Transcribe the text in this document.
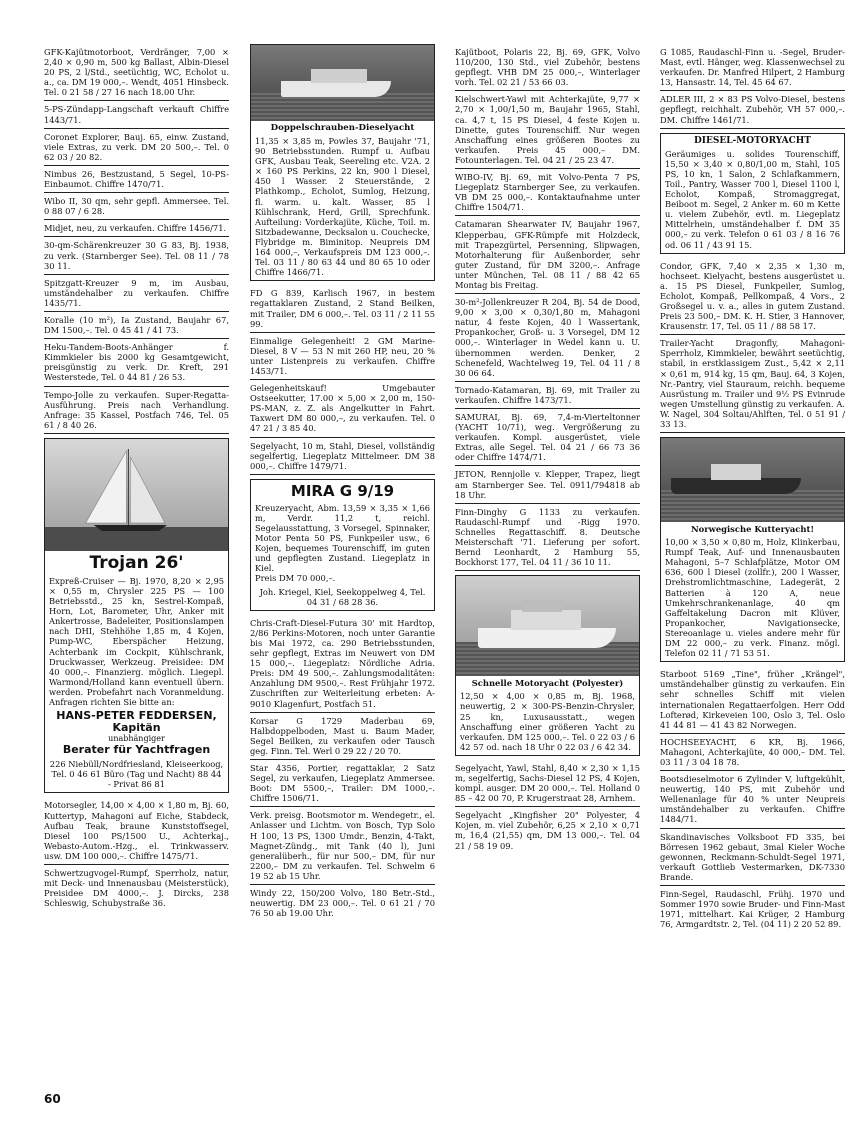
GFK-Kajütmotorboot, Verdränger, 7,00 × 2,40 × 0,90 m, 500 kg Ballast, Albin-Diesel 20 PS, 2 l/Std., seetüchtig, WC, Echolot u. a., ca. DM 19 000,–. Wendt, 4051 Hinsbeck. Tel. 0 21 58 / 27 16 nach 18.00 Uhr.

5-PS-Zündapp-Langschaft verkauft Chiffre 1443/71.

Coronet Explorer, Bauj. 65, einw. Zustand, viele Extras, zu verk. DM 20 500,–. Tel. 0 62 03 / 20 82.

Nimbus 26, Bestzustand, 5 Segel, 10-PS-Einbaumot. Chiffre 1470/71.

Wibo II, 30 qm, sehr gepfl. Ammersee. Tel. 0 88 07 / 6 28.

Midjet, neu, zu verkaufen. Chiffre 1456/71.

30-qm-Schärenkreuzer 30 G 83, Bj. 1938, zu verk. (Starnberger See). Tel. 08 11 / 78 30 11.

Spitzgatt-Kreuzer 9 m, im Ausbau, umständehalber zu verkaufen. Chiffre 1435/71.

Koralle (10 m²), Ia Zustand, Baujahr 67, DM 1500,–. Tel. 0 45 41 / 41 73.

Heku-Tandem-Boots-Anhänger f. Kimmkieler bis 2000 kg Gesamtgewicht, preisgünstig zu verk. Dr. Kreft, 291 Westerstede, Tel. 0 44 81 / 26 53.

Tempo-Jolle zu verkaufen. Super-Regatta-Ausführung. Preis nach Verhandlung. Anfrage: 35 Kassel, Postfach 746, Tel. 05 61 / 8 40 26.

Trojan 26'

Expreß-Cruiser — Bj. 1970, 8,20 × 2,95 × 0,55 m, Chrysler 225 PS — 100 Betriebsstd., 25 kn, Sestrel-Kompaß, Horn, Lot, Barometer, Uhr, Anker mit Ankertrosse, Badeleiter, Positionslampen nach DHI, Stehhöhe 1,85 m, 4 Kojen, Pump-WC, Eberspächer Heizung, Achterbank im Cockpit, Kühlschrank, Druckwasser, Werkzeug. Preisidee: DM 40 000,–. Finanzierg. möglich. Liegepl. Warmond/Holland kann eventuell übern. werden. Probefahrt nach Voranmeldung. Anfragen richten Sie bitte an:

HANS-PETER FEDDERSEN, Kapitän
unabhängiger
Berater für Yachtfragen

226 Niebüll/Nordfriesland, Kleiseerkoog, Tel. 0 46 61 Büro (Tag und Nacht) 88 44 - Privat 86 81

Motorsegler, 14,00 × 4,00 × 1,80 m, Bj. 60, Kuttertyp, Mahagoni auf Eiche, Stabdeck, Aufbau Teak, braune Kunststoffsegel, Diesel 100 PS/1500 U., Achterkaj., Webasto-Autom.-Hzg., el. Trinkwasserv. usw. DM 100 000,–. Chiffre 1475/71.

Schwertzugvogel-Rumpf, Sperrholz, natur, mit Deck- und Innenausbau (Meisterstück), Preisidee DM 4000,–. J. Dircks, 238 Schleswig, Schubystraße 36.

Doppelschrauben-Dieselyacht

11,35 × 3,85 m, Powles 37, Baujahr '71, 90 Betriebsstunden. Rumpf u. Aufbau GFK, Ausbau Teak, Seereling etc. V2A. 2 × 160 PS Perkins, 22 kn, 900 l Diesel, 450 l Wasser. 2 Steuerstände, 2 Plathkomp., Echolot, Sumlog, Heizung, fl. warm. u. kalt. Wasser, 85 l Kühlschrank, Herd, Grill, Sprechfunk. Aufteilung: Vorderkajüte, Küche, Toil. m. Sitzbadewanne, Decksalon u. Couchecke, Flybridge m. Biminitop. Neupreis DM 164 000,–, Verkaufspreis DM 123 000,–. Tel. 03 11 / 80 63 44 und 80 65 10 oder Chiffre 1466/71.

FD G 839, Karlisch 1967, in bestem regattaklaren Zustand, 2 Stand Beilken, mit Trailer, DM 6 000,–. Tel. 03 11 / 2 11 55 99.

Einmalige Gelegenheit! 2 GM Marine-Diesel, 8 V — 53 N mit 260 HP, neu, 20 % unter Listenpreis zu verkaufen. Chiffre 1453/71.

Gelegenheitskauf! Umgebauter Ostseekutter, 17.00 × 5,00 × 2,00 m, 150-PS-MAN, z. Z. als Angelkutter in Fahrt. Taxwert DM 80 000,–, zu verkaufen. Tel. 0 47 21 / 3 85 40.

Segelyacht, 10 m, Stahl, Diesel, vollständig segelfertig, Liegeplatz Mittelmeer. DM 38 000,–. Chiffre 1479/71.

MIRA G 9/19

Kreuzeryacht, Abm. 13,59 × 3,35 × 1,66 m, Verdr. 11,2 t, reichl. Segelausstattung, 3 Vorsegel, Spinnaker, Motor Penta 50 PS, Funkpeiler usw., 6 Kojen, bequemes Tourenschiff, im guten und gepflegten Zustand. Liegeplatz in Kiel.
Preis DM 70 000,–.

Joh. Kriegel, Kiel, Seekoppelweg 4, Tel. 04 31 / 68 28 36.

Chris-Craft-Diesel-Futura 30' mit Hardtop, 2/86 Perkins-Motoren, noch unter Garantie bis Mai 1972, ca. 290 Betriebsstunden, sehr gepflegt, Extras im Neuwert von DM 15 000,–. Liegeplatz: Nördliche Adria. Preis: DM 49 500,–. Zahlungsmodalitäten: Anzahlung DM 9500,–. Rest Frühjahr 1972. Zuschriften zur Weiterleitung erbeten: A-9010 Klagenfurt, Postfach 51.

Korsar G 1729 Maderbau 69, Halbdoppelboden, Mast u. Baum Mader, Segel Beilken, zu verkaufen oder Tausch geg. Finn. Tel. Werl 0 29 22 / 20 70.

Star 4356, Portier, regattaklar, 2 Satz Segel, zu verkaufen, Liegeplatz Ammersee. Boot: DM 5500,–, Trailer: DM 1000,–. Chiffre 1506/71.

Verk. preisg. Bootsmotor m. Wendegetr., el. Anlasser und Lichtm. von Bosch, Typ Solo H 100, 13 PS, 1300 Umdr., Benzin, 4-Takt, Magnet-Zündg., mit Tank (40 l), Juni generalüberh., für nur 500,– DM, für nur 2200,– DM zu verkaufen. Tel. Schwelm 6 19 52 ab 15 Uhr.

Windy 22, 150/200 Volvo, 180 Betr.-Std., neuwertig. DM 23 000,–. Tel. 0 61 21 / 70 76 50 ab 19.00 Uhr.

Kajütboot, Polaris 22, Bj. 69, GFK, Volvo 110/200, 130 Std., viel Zubehör, bestens gepflegt. VHB DM 25 000,–, Winterlager vorh. Tel. 02 21 / 53 66 03.

Kielschwert-Yawl mit Achterkajüte, 9,77 × 2,70 × 1,00/1,50 m, Baujahr 1965, Stahl, ca. 4,7 t, 15 PS Diesel, 4 feste Kojen u. Dinette, gutes Tourenschiff. Nur wegen Anschaffung eines größeren Bootes zu verkaufen. Preis 45 000,– DM. Fotounterlagen. Tel. 04 21 / 25 23 47.

WIBO-IV, Bj. 69, mit Volvo-Penta 7 PS, Liegeplatz Starnberger See, zu verkaufen. VB DM 25 000,–. Kontaktaufnahme unter Chiffre 1504/71.

Catamaran Shearwater IV, Baujahr 1967, Klepperbau, GFK-Rümpfe mit Holzdeck, mit Trapezgürtel, Persenning, Slipwagen, Motorhalterung für Außenborder, sehr guter Zustand, für DM 3200,–. Anfrage unter München, Tel. 08 11 / 88 42 65 Montag bis Freitag.

30-m²-Jollenkreuzer R 204, Bj. 54 de Dood, 9,00 × 3,00 × 0,30/1,80 m, Mahagoni natur, 4 feste Kojen, 40 l Wassertank, Propankocher, Groß- u. 3 Vorsegel, DM 12 000,–. Winterlager in Wedel kann u. U. übernommen werden. Denker, 2 Schenefeld, Wachtelweg 19, Tel. 04 11 / 8 30 06 64.

Tornado-Katamaran, Bj. 69, mit Trailer zu verkaufen. Chiffre 1473/71.

SAMURAI, Bj. 69, 7,4-m-Vierteltonner (YACHT 10/71), weg. Vergrößerung zu verkaufen. Kompl. ausgerüstet, viele Extras, alle Segel. Tel. 04 21 / 66 73 36 oder Chiffre 1474/71.

JETON, Rennjolle v. Klepper, Trapez, liegt am Starnberger See. Tel. 0911/794818 ab 18 Uhr.

Finn-Dinghy G 1133 zu verkaufen. Raudaschl-Rumpf und -Rigg 1970. Schnelles Regattaschiff. 8. Deutsche Meisterschaft '71. Lieferung per sofort. Bernd Leonhardt, 2 Hamburg 55, Bockhorst 177, Tel. 04 11 / 36 10 11.

Schnelle Motoryacht (Polyester)

12,50 × 4,00 × 0,85 m, Bj. 1968, neuwertig, 2 × 300-PS-Benzin-Chrysler, 25 kn, Luxusausstatt., wegen Anschaffung einer größeren Yacht zu verkaufen. DM 125 000,–. Tel. 0 22 03 / 6 42 57 od. nach 18 Uhr 0 22 03 / 6 42 34.

Segelyacht, Yawl, Stahl, 8,40 × 2,30 × 1,15 m, segelfertig, Sachs-Diesel 12 PS, 4 Kojen, kompl. ausger. DM 20 000,–. Tel. Holland 0 85 – 42 00 70, P. Krugerstraat 28, Arnhem.

Segelyacht „Kingfisher 20" Polyester, 4 Kojen, m. viel Zubehör, 6,25 × 2,10 × 0,71 m, 16,4 (21,55) qm, DM 13 000,–. Tel. 04 21 / 58 19 09.

G 1085, Raudaschl-Finn u. -Segel, Bruder-Mast, evtl. Hänger, weg. Klassenwechsel zu verkaufen. Dr. Manfred Hilpert, 2 Hamburg 13, Hansastr. 14, Tel. 45 64 67.

ADLER III, 2 × 83 PS Volvo-Diesel, bestens gepflegt, reichhalt. Zubehör, VH 57 000,–. DM. Chiffre 1461/71.

DIESEL-MOTORYACHT

Geräumiges u. solides Tourenschiff, 15,50 × 3,40 × 0,80/1,00 m, Stahl, 105 PS, 10 kn, 1 Salon, 2 Schlafkammern, Toil., Pantry, Wasser 700 l, Diesel 1100 l, Echolot, Kompaß, Stromaggregat, Beiboot m. Segel, 2 Anker m. 60 m Kette u. vielem Zubehör, evtl. m. Liegeplatz Mittelrhein, umständehalber f. DM 35 000,– zu verk. Telefon 0 61 03 / 8 16 76 od. 06 11 / 43 91 15.

Condor, GFK, 7,40 × 2,35 × 1,30 m, hochseet. Kielyacht, bestens ausgerüstet u. a. 15 PS Diesel, Funkpeiler, Sumlog, Echolot, Kompaß, Pellkompaß, 4 Vors., 2 Großsegel u. v. a., alles in gutem Zustand. Preis 23 500,– DM. K. H. Stier, 3 Hannover, Krausenstr. 17, Tel. 05 11 / 88 58 17.

Trailer-Yacht Dragonfly, Mahagoni-Sperrholz, Kimmkieler, bewährt seetüchtig, stabil, in erstklassigem Zust., 5,42 × 2,11 × 0,61 m, 914 kg, 15 qm, Bauj. 64, 3 Kojen, Nr.-Pantry, viel Stauraum, reichh. bequeme Ausrüstung m. Trailer und 9½ PS Evinrude wegen Umstellung günstig zu verkaufen. A. W. Nagel, 304 Soltau/Ahlften, Tel. 0 51 91 / 33 13.

Norwegische Kutteryacht!

10,00 × 3,50 × 0,80 m, Holz, Klinkerbau, Rumpf Teak, Auf- und Innenausbauten Mahagoni, 5–7 Schlafplätze, Motor OM 636, 600 l Diesel (zollfr.), 200 l Wasser, Drehstromlichtmaschine, Ladegerät, 2 Batterien à 120 A, neue Umkehrschrankenanlage, 40 qm Gaffeltakelung Dacron mit Klüver, Propankocher, Navigationsecke, Stereoanlage u. vieles andere mehr für DM 22 000,– zu verk. Finanz. mögl. Telefon 02 11 / 71 53 51.

Starboot 5169 „Tine", früher „Krängel", umständehalber günstig zu verkaufen. Ein sehr schnelles Schiff mit vielen internationalen Regattaerfolgen. Herr Odd Lofterød, Kirkeveien 100, Oslo 3, Tel. Oslo 41 44 81 — 41 43 82 Norwegen.

HOCHSEEYACHT, 6 KR, Bj. 1966, Mahagoni, Achterkajüte, 40 000,– DM. Tel. 03 11 / 3 04 18 78.

Bootsdieselmotor 6 Zylinder V, luftgekühlt, neuwertig, 140 PS, mit Zubehör und Wellenanlage für 40 % unter Neupreis umständehalber zu verkaufen. Chiffre 1484/71.

Skandinavisches Volksboot FD 335, bei Börresen 1962 gebaut, 3mal Kieler Woche gewonnen, Reckmann-Schuldt-Segel 1971, verkauft Gottlieb Vestermarken, DK-7330 Brande.

Finn-Segel, Raudaschl, Frühj. 1970 und Sommer 1970 sowie Bruder- und Finn-Mast 1971, mittelhart. Kai Krüger, 2 Hamburg 76, Armgardtstr. 2, Tel. (04 11) 2 20 52 89.

60
